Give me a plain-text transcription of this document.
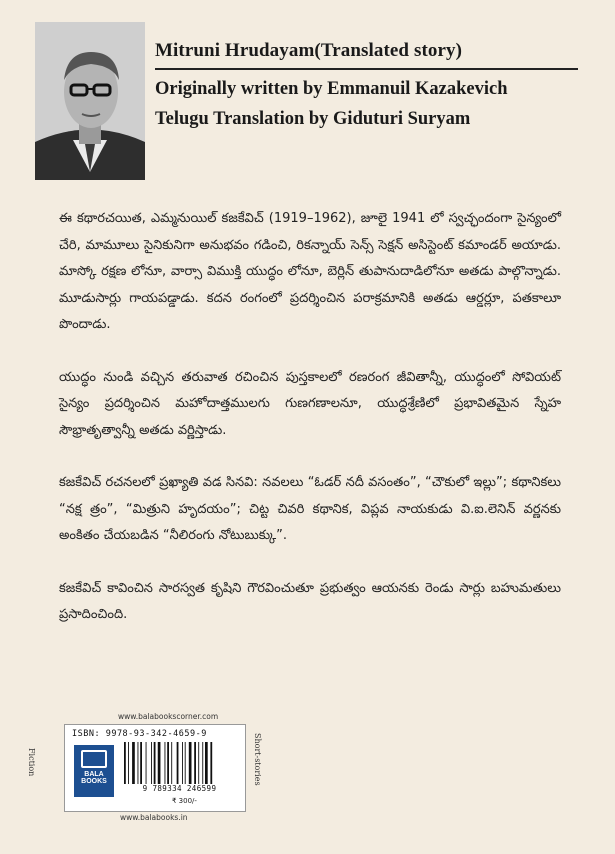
Mitruni Hrudayam(Translated story)
Originally written by Emmanuil Kazakevich
Telugu Translation by Giduturi Suryam

ఈ కథారచయిత, ఎమ్మనుయిల్ కజకేవిచ్ (1919–1962), జూలై 1941 లో స్వచ్ఛందంగా సైన్యంలో చేరి, మామూలు సైనికునిగా అనుభవం గడించి, రికన్నాయ్ సెన్స్ సెక్షన్ అసిస్టెంట్ కమాండర్ అయాడు. మాస్కో రక్షణ లోనూ, వార్సా విముక్తి యుద్ధం లోనూ, బెర్లిన్ తుపానుదాడిలోనూ అతడు పాల్గొన్నాడు. మూడుసార్లు గాయపడ్డాడు. కదన రంగంలో ప్రదర్శించిన పరాక్రమానికి అతడు ఆర్డర్లూ, పతకాలూ పొందాడు.

యుద్ధం నుండి వచ్చిన తరువాత రచించిన పుస్తకాలలో రణరంగ జీవితాన్నీ, యుద్ధంలో సోవియట్ సైన్యం ప్రదర్శించిన మహోదాత్తములగు గుణగణాలనూ, యుద్ధశ్రేణిలో ప్రభావితమైన స్నేహ సౌభ్రాతృత్వాన్నీ అతడు వర్ణిస్తాడు.

కజకేవిచ్ రచనలలో ప్రఖ్యాతి వడ సినవి: నవలలు “ఓడర్ నదీ వసంతం”, “చౌకులో ఇల్లు”; కథానికలు “నక్ష త్రం”, “మిత్రుని హృదయం”; చిట్ట చివరి కథానిక, విప్లవ నాయకుడు వి.ఐ.లెనిన్ వర్ణనకు అంకితం చేయబడిన “నీలిరంగు నోటుబుక్కు”.

కజకేవిచ్ కావించిన సారస్వత కృషిని గౌరవించుతూ ప్రభుత్వం ఆయనకు రెండు సార్లు బహుమతులు ప్రసాదించింది.

www.balabookscorner.com
ISBN: 9978-93-342-4659-9
BALA
BOOKS
9 789334 246599
₹ 300/-
www.balabooks.in
Fiction	Short-stories
